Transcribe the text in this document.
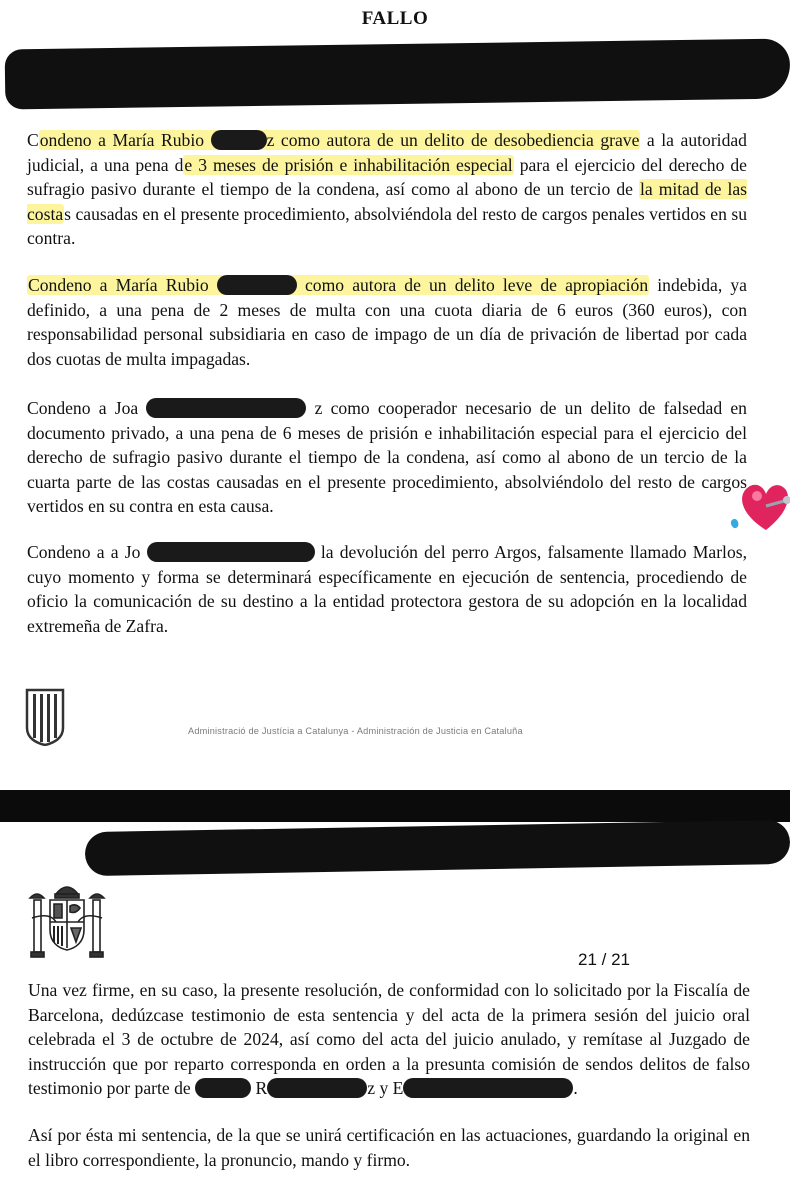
FALLO
Condeno a María Rubio	z como autora de un delito de desobediencia grave a la autoridad judicial, a una pena de 3 meses de prisión e inhabilitación especial para el ejercicio del derecho de sufragio pasivo durante el tiempo de la condena, así como al abono de un tercio de la mitad de las costas causadas en el presente procedimiento, absolviéndola del resto de cargos penales vertidos en su contra.
Condeno a María Rubio	como autora de un delito leve de apropiación indebida, ya definido, a una pena de 2 meses de multa con una cuota diaria de 6 euros (360 euros), con responsabilidad personal subsidiaria en caso de impago de un día de privación de libertad por cada dos cuotas de multa impagadas.
Condeno a Joa	z como cooperador necesario de un delito de falsedad en documento privado, a una pena de 6 meses de prisión e inhabilitación especial para el ejercicio del derecho de sufragio pasivo durante el tiempo de la condena, así como al abono de un tercio de la cuarta parte de las costas causadas en el presente procedimiento, absolviéndolo del resto de cargos vertidos en su contra en esta causa.
Condeno a a Jo	la devolución del perro Argos, falsamente llamado Marlos, cuyo momento y forma se determinará específicamente en ejecución de sentencia, procediendo de oficio la comunicación de su destino a la entidad protectora gestora de su adopción en la localidad extremeña de Zafra.
Administració de Justícia a Catalunya - Administración de Justicia en Cataluña
21 / 21
Una vez firme, en su caso, la presente resolución, de conformidad con lo solicitado por la Fiscalía de Barcelona, dedúzcase testimonio de esta sentencia y del acta de la primera sesión del juicio oral celebrada el 3 de octubre de 2024, así como del acta del juicio anulado, y remítase al Juzgado de instrucción que por reparto corresponda en orden a la presunta comisión de sendos delitos de falso testimonio por parte de	R	z y E	.
Así por ésta mi sentencia, de la que se unirá certificación en las actuaciones, guardando la original en el libro correspondiente, la pronuncio, mando y firmo.
